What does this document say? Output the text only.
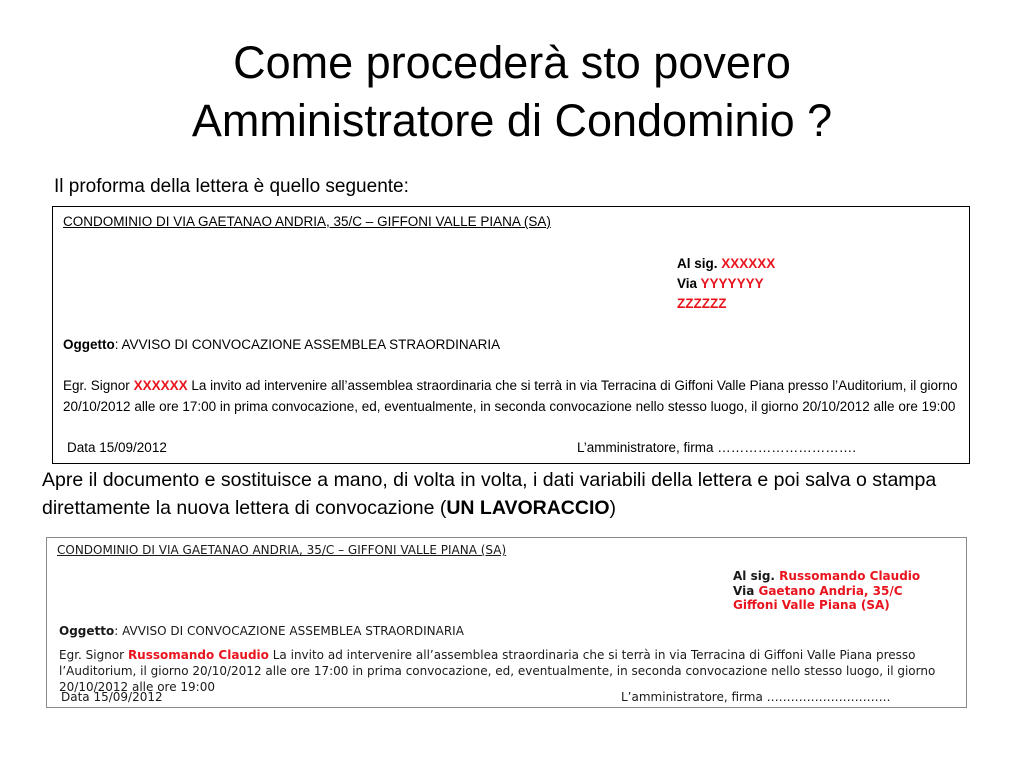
Come procederà sto povero
Amministratore di Condominio ?
Il proforma della lettera è quello seguente:
CONDOMINIO DI VIA GAETANAO ANDRIA, 35/C – GIFFONI VALLE PIANA (SA)
Al sig. XXXXXX
Via YYYYYYY
ZZZZZZ
Oggetto: AVVISO DI CONVOCAZIONE ASSEMBLEA STRAORDINARIA
Egr. Signor XXXXXX La invito ad intervenire all’assemblea straordinaria che si terrà in via Terracina di Giffoni Valle Piana presso l’Auditorium, il giorno 20/10/2012 alle ore 17:00 in prima convocazione, ed, eventualmente, in seconda convocazione nello stesso luogo, il giorno 20/10/2012 alle ore 19:00
Data 15/09/2012	L’amministratore, firma ………………………….
Apre il documento e sostituisce a mano, di volta in volta, i dati variabili della lettera e poi salva o stampa direttamente la nuova lettera di convocazione (UN LAVORACCIO)
CONDOMINIO DI VIA GAETANAO ANDRIA, 35/C – GIFFONI VALLE PIANA (SA)
Al sig. Russomando Claudio
Via Gaetano Andria, 35/C
Giffoni Valle Piana (SA)
Oggetto: AVVISO DI CONVOCAZIONE ASSEMBLEA STRAORDINARIA
Egr. Signor Russomando Claudio La invito ad intervenire all’assemblea straordinaria che si terrà in via Terracina di Giffoni Valle Piana presso l’Auditorium, il giorno 20/10/2012 alle ore 17:00 in prima convocazione, ed, eventualmente, in seconda convocazione nello stesso luogo, il giorno 20/10/2012 alle ore 19:00
Data 15/09/2012	L’amministratore, firma ………………………….
